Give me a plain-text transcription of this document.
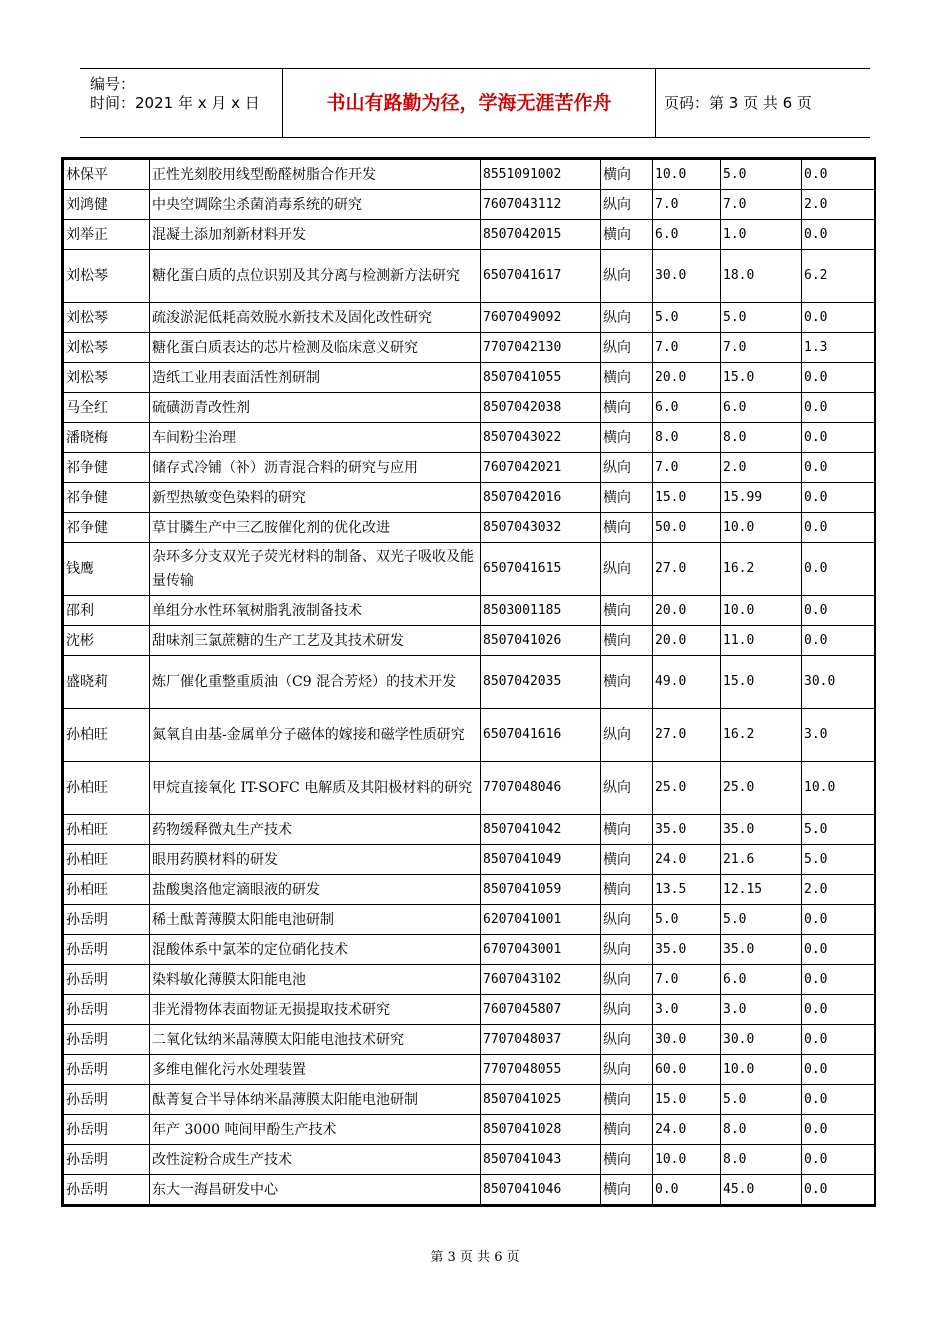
编号：
时间：2021 年 x 月 x 日	书山有路勤为径，学海无涯苦作舟	页码：第 3 页 共 6 页
林保平	正性光刻胶用线型酚醛树脂合作开发	8551091002	横向	10.0	5.0	0.0
刘鸿健	中央空调除尘杀菌消毒系统的研究	7607043112	纵向	7.0	7.0	2.0
刘举正	混凝土添加剂新材料开发	8507042015	横向	6.0	1.0	0.0
刘松琴	糖化蛋白质的点位识别及其分离与检测新方法研究	6507041617	纵向	30.0	18.0	6.2
刘松琴	疏浚淤泥低耗高效脱水新技术及固化改性研究	7607049092	纵向	5.0	5.0	0.0
刘松琴	糖化蛋白质表达的芯片检测及临床意义研究	7707042130	纵向	7.0	7.0	1.3
刘松琴	造纸工业用表面活性剂研制	8507041055	横向	20.0	15.0	0.0
马全红	硫磺沥青改性剂	8507042038	横向	6.0	6.0	0.0
潘晓梅	车间粉尘治理	8507043022	横向	8.0	8.0	0.0
祁争健	储存式冷铺（补）沥青混合料的研究与应用	7607042021	纵向	7.0	2.0	0.0
祁争健	新型热敏变色染料的研究	8507042016	横向	15.0	15.99	0.0
祁争健	草甘膦生产中三乙胺催化剂的优化改进	8507043032	横向	50.0	10.0	0.0
钱鹰	杂环多分支双光子荧光材料的制备、双光子吸收及能量传输	6507041615	纵向	27.0	16.2	0.0
邵利	单组分水性环氧树脂乳液制备技术	8503001185	横向	20.0	10.0	0.0
沈彬	甜味剂三氯蔗糖的生产工艺及其技术研发	8507041026	横向	20.0	11.0	0.0
盛晓莉	炼厂催化重整重质油（C9 混合芳烃）的技术开发	8507042035	横向	49.0	15.0	30.0
孙柏旺	氮氧自由基-金属单分子磁体的嫁接和磁学性质研究	6507041616	纵向	27.0	16.2	3.0
孙柏旺	甲烷直接氧化 IT-SOFC 电解质及其阳极材料的研究	7707048046	纵向	25.0	25.0	10.0
孙柏旺	药物缓释微丸生产技术	8507041042	横向	35.0	35.0	5.0
孙柏旺	眼用药膜材料的研发	8507041049	横向	24.0	21.6	5.0
孙柏旺	盐酸奥洛他定滴眼液的研发	8507041059	横向	13.5	12.15	2.0
孙岳明	稀土酞菁薄膜太阳能电池研制	6207041001	纵向	5.0	5.0	0.0
孙岳明	混酸体系中氯苯的定位硝化技术	6707043001	纵向	35.0	35.0	0.0
孙岳明	染料敏化薄膜太阳能电池	7607043102	纵向	7.0	6.0	0.0
孙岳明	非光滑物体表面物证无损提取技术研究	7607045807	纵向	3.0	3.0	0.0
孙岳明	二氧化钛纳米晶薄膜太阳能电池技术研究	7707048037	纵向	30.0	30.0	0.0
孙岳明	多维电催化污水处理装置	7707048055	纵向	60.0	10.0	0.0
孙岳明	酞菁复合半导体纳米晶薄膜太阳能电池研制	8507041025	横向	15.0	5.0	0.0
孙岳明	年产 3000 吨间甲酚生产技术	8507041028	横向	24.0	8.0	0.0
孙岳明	改性淀粉合成生产技术	8507041043	横向	10.0	8.0	0.0
孙岳明	东大一海昌研发中心	8507041046	横向	0.0	45.0	0.0
第 3 页 共 6 页
